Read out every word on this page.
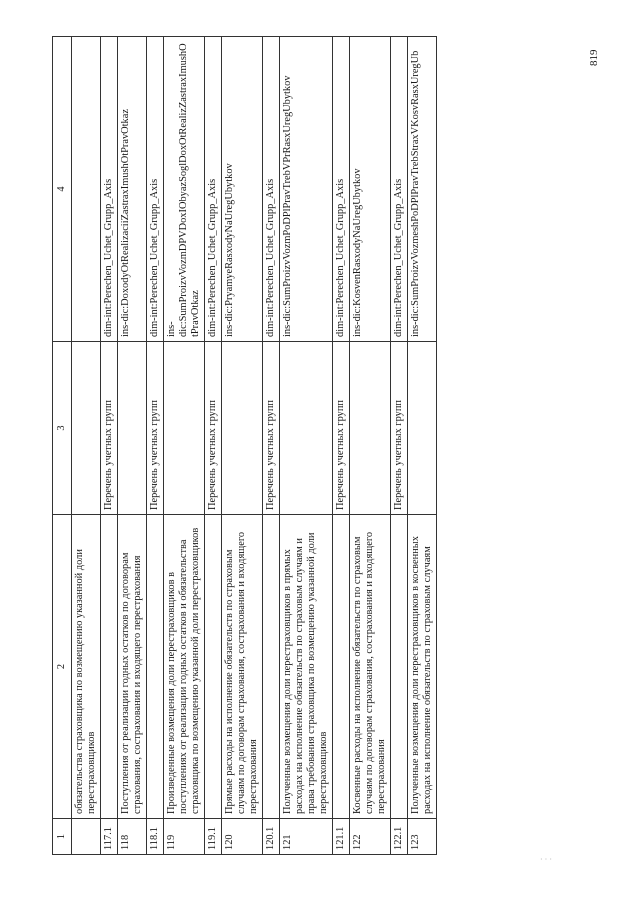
819
1	2	3	4
	обязательства страховщика по возмещению указанной доли перестраховщиков		
117.1		Перечень учетных групп	dim-int:Perechen_Uchet_Grupp_Axis
118	Поступления от реализации годных остатков по договорам страхования, сострахования и входящего перестрахования		ins-dic:DoxodyOtRealizaciiZastraxImushOtPravOtkaz
118.1		Перечень учетных групп	dim-int:Perechen_Uchet_Grupp_Axis
119	Произведенные возмещения доли перестраховщиков в поступлениях от реализации годных остатков и обязательства страховщика по возмещению указанной доли перестраховщиков		ins-dic:SumProizvVozmDPVDoxIObyazSoglDoxOtRealizZastraxImushOtPravOtkaz
119.1		Перечень учетных групп	dim-int:Perechen_Uchet_Grupp_Axis
120	Прямые расходы на исполнение обязательств по страховым случаям по договорам страхования, сострахования и входящего перестрахования		ins-dic:PryamyeRasxodyNaUregUbytkov
120.1		Перечень учетных групп	dim-int:Perechen_Uchet_Grupp_Axis
121	Полученные возмещения доли перестраховщиков в прямых расходах на исполнение обязательств по страховым случаям и права требования страховщика по возмещению указанной доли перестраховщиков		ins-dic:SumProizvVozmPoDPlPravTrebVPrRasxUregUbytkov
121.1		Перечень учетных групп	dim-int:Perechen_Uchet_Grupp_Axis
122	Косвенные расходы на исполнение обязательств по страховым случаям по договорам страхования, сострахования и входящего перестрахования		ins-dic:KosvenRasxodyNaUregUbytkov
122.1		Перечень учетных групп	dim-int:Perechen_Uchet_Grupp_Axis
123	Полученные возмещения доли перестраховщиков в косвенных расходах на исполнение обязательств по страховым случаям		ins-dic:SumProizvVozmeshPoDPlPravTrebStraxVKosvRasxUregUb
· · ·
